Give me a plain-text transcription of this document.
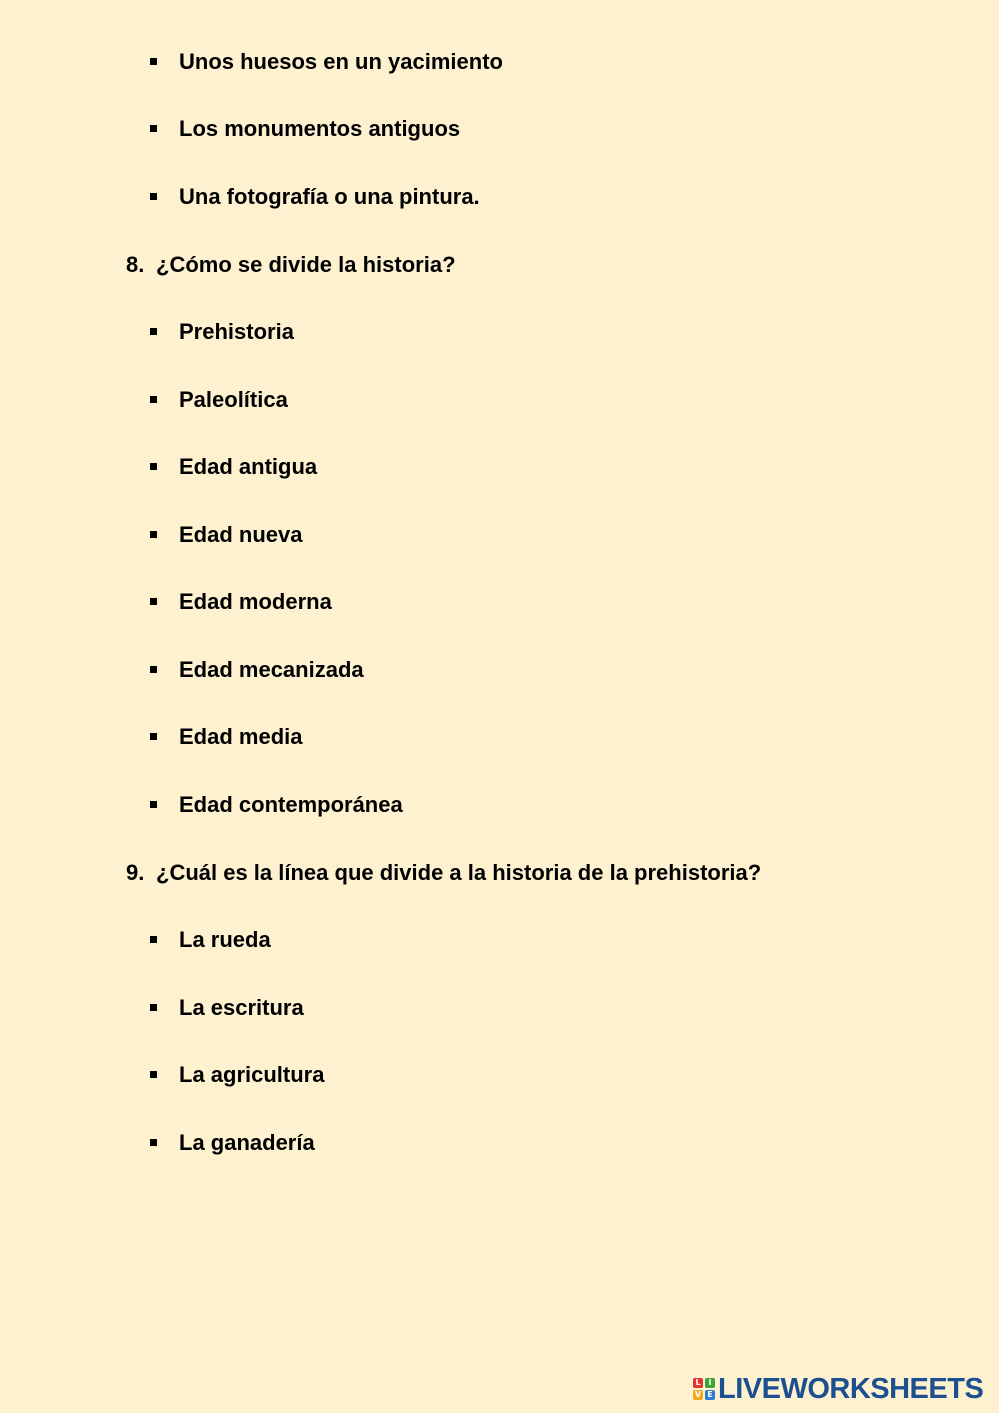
Unos huesos en un yacimiento
Los monumentos antiguos
Una fotografía o una pintura.
8. ¿Cómo se divide la historia?
Prehistoria
Paleolítica
Edad antigua
Edad nueva
Edad moderna
Edad mecanizada
Edad media
Edad contemporánea
9. ¿Cuál es la línea que divide a la historia de la prehistoria?
La rueda
La escritura
La agricultura
La ganadería
L I
V E LIVEWORKSHEETS
